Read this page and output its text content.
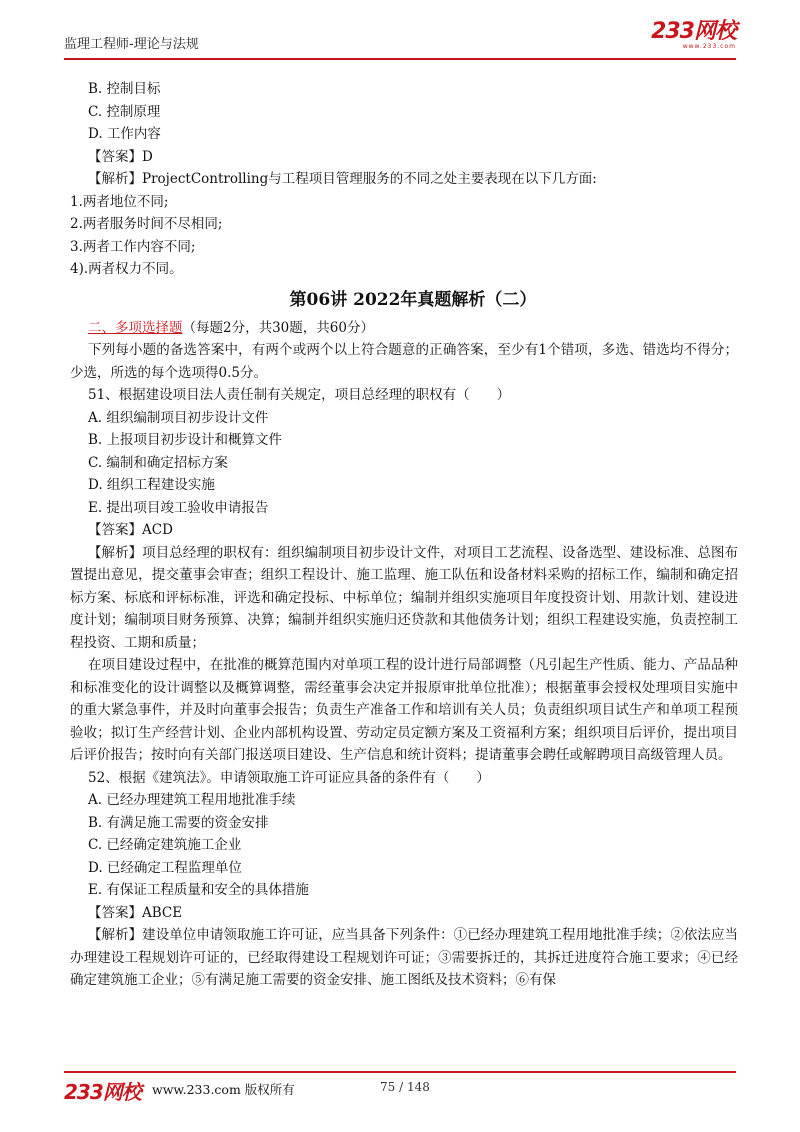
监理工程师-理论与法规
233网校
www.233.com
B. 控制目标
C. 控制原理
D. 工作内容
【答案】D
【解析】ProjectControlling与工程项目管理服务的不同之处主要表现在以下几方面:
1.两者地位不同;
2.两者服务时间不尽相同;
3.两者工作内容不同;
4).两者权力不同。
第06讲 2022年真题解析（二）
二、多项选择题（每题2分，共30题，共60分）
下列每小题的备选答案中，有两个或两个以上符合题意的正确答案，至少有1个错项，多选、错选均不得分；少选，所选的每个选项得0.5分。
51、根据建设项目法人责任制有关规定，项目总经理的职权有（　　）
A. 组织编制项目初步设计文件
B. 上报项目初步设计和概算文件
C. 编制和确定招标方案
D. 组织工程建设实施
E. 提出项目竣工验收申请报告
【答案】ACD
【解析】项目总经理的职权有：组织编制项目初步设计文件，对项目工艺流程、设备选型、建设标准、总图布置提出意见，提交董事会审查；组织工程设计、施工监理、施工队伍和设备材料采购的招标工作，编制和确定招标方案、标底和评标标准，评选和确定投标、中标单位；编制并组织实施项目年度投资计划、用款计划、建设进度计划；编制项目财务预算、决算；编制并组织实施归还贷款和其他债务计划；组织工程建设实施，负责控制工程投资、工期和质量；
在项目建设过程中，在批准的概算范围内对单项工程的设计进行局部调整（凡引起生产性质、能力、产品品种和标准变化的设计调整以及概算调整，需经董事会决定并报原审批单位批准）；根据董事会授权处理项目实施中的重大紧急事件，并及时向董事会报告；负责生产准备工作和培训有关人员；负责组织项目试生产和单项工程预验收；拟订生产经营计划、企业内部机构设置、劳动定员定额方案及工资福利方案；组织项目后评价，提出项目后评价报告；按时向有关部门报送项目建设、生产信息和统计资料；提请董事会聘任或解聘项目高级管理人员。
52、根据《建筑法》。申请领取施工许可证应具备的条件有（　　）
A. 已经办理建筑工程用地批准手续
B. 有满足施工需要的资金安排
C. 已经确定建筑施工企业
D. 已经确定工程监理单位
E. 有保证工程质量和安全的具体措施
【答案】ABCE
【解析】建设单位申请领取施工许可证，应当具备下列条件：①已经办理建筑工程用地批准手续；②依法应当办理建设工程规划许可证的，已经取得建设工程规划许可证；③需要拆迁的，其拆迁进度符合施工要求；④已经确定建筑施工企业；⑤有满足施工需要的资金安排、施工图纸及技术资料；⑥有保
233网校 www.233.com 版权所有	75 / 148
